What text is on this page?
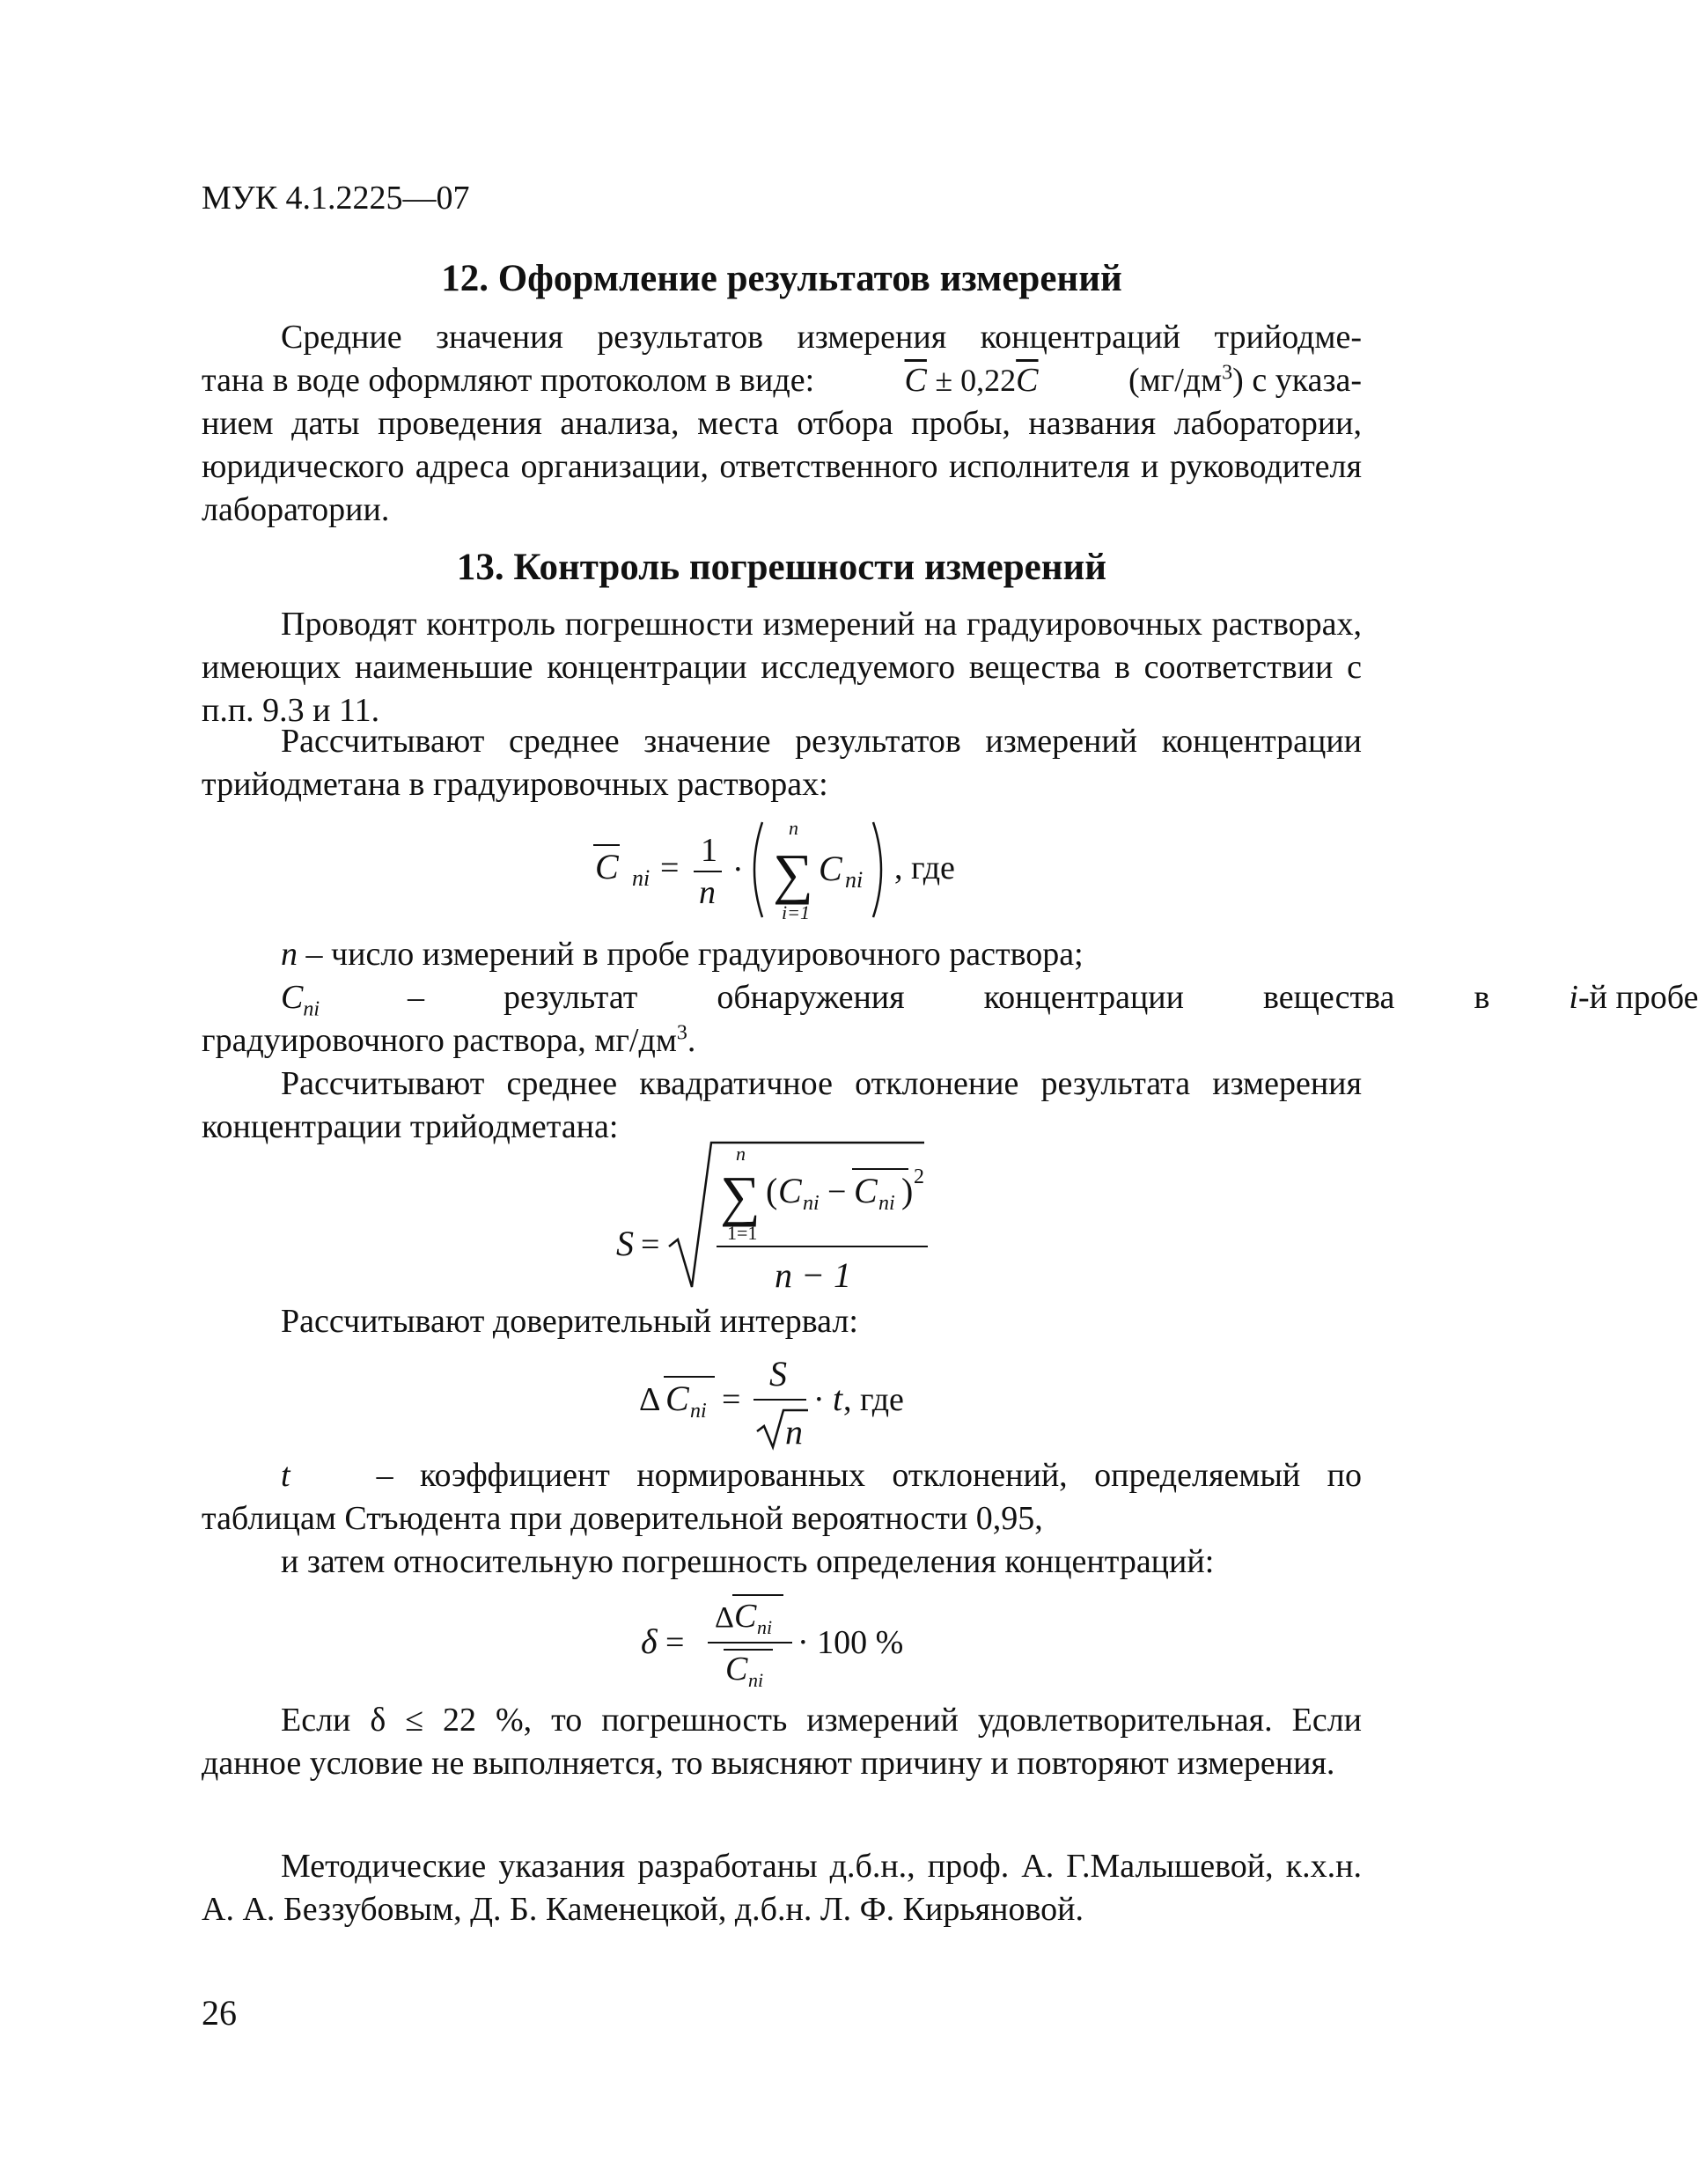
МУК 4.1.2225—07
12. Оформление результатов измерений
Средние значения результатов измерения концентраций трийодме-
тана в воде оформляют протоколом в виде:	$\overline{C} \pm 0,22\overline{C}$	$(мг/дм^3)$ с указа-
нием даты проведения анализа, места отбора пробы, названия лаборатории, юридического адреса организации, ответственного исполнителя и руководителя лаборатории.
13. Контроль погрешности измерений
Проводят контроль погрешности измерений на градуировочных растворах, имеющих наименьшие концентрации исследуемого вещества в соответствии с п.п. 9.3 и 11.
Рассчитывают среднее значение результатов измерений концентрации трийодметана в градуировочных растворах:
C ni = 1
n
· ∑
n
i=1
C ni , где
n – число измерений в пробе градуировочного раствора;
$C_{ni}$	–	результат	обнаружения	концентрации	вещества	в	i-й пробе
градуировочного раствора, $мг/дм^3$.
Рассчитывают среднее квадратичное отклонение результата измерения концентрации трийодметана:
S =
∑
n
1=1
( C ni − C ni ) 2
n − 1
Рассчитывают доверительный интервал:
Δ C ni =
S
n
· t , где
t	– коэффициент нормированных отклонений, определяемый по
таблицам Стъюдента при доверительной вероятности 0,95,
и затем относительную погрешность определения концентраций:
δ =
Δ C ni
C ni
· 100 %
Если δ ≤ 22 %, то погрешность измерений удовлетворительная. Если данное условие не выполняется, то выясняют причину и повторяют измерения.
Методические указания разработаны д.б.н., проф. А. Г.Малышевой, к.х.н. А. А. Беззубовым, Д. Б. Каменецкой, д.б.н. Л. Ф. Кирьяновой.
26
